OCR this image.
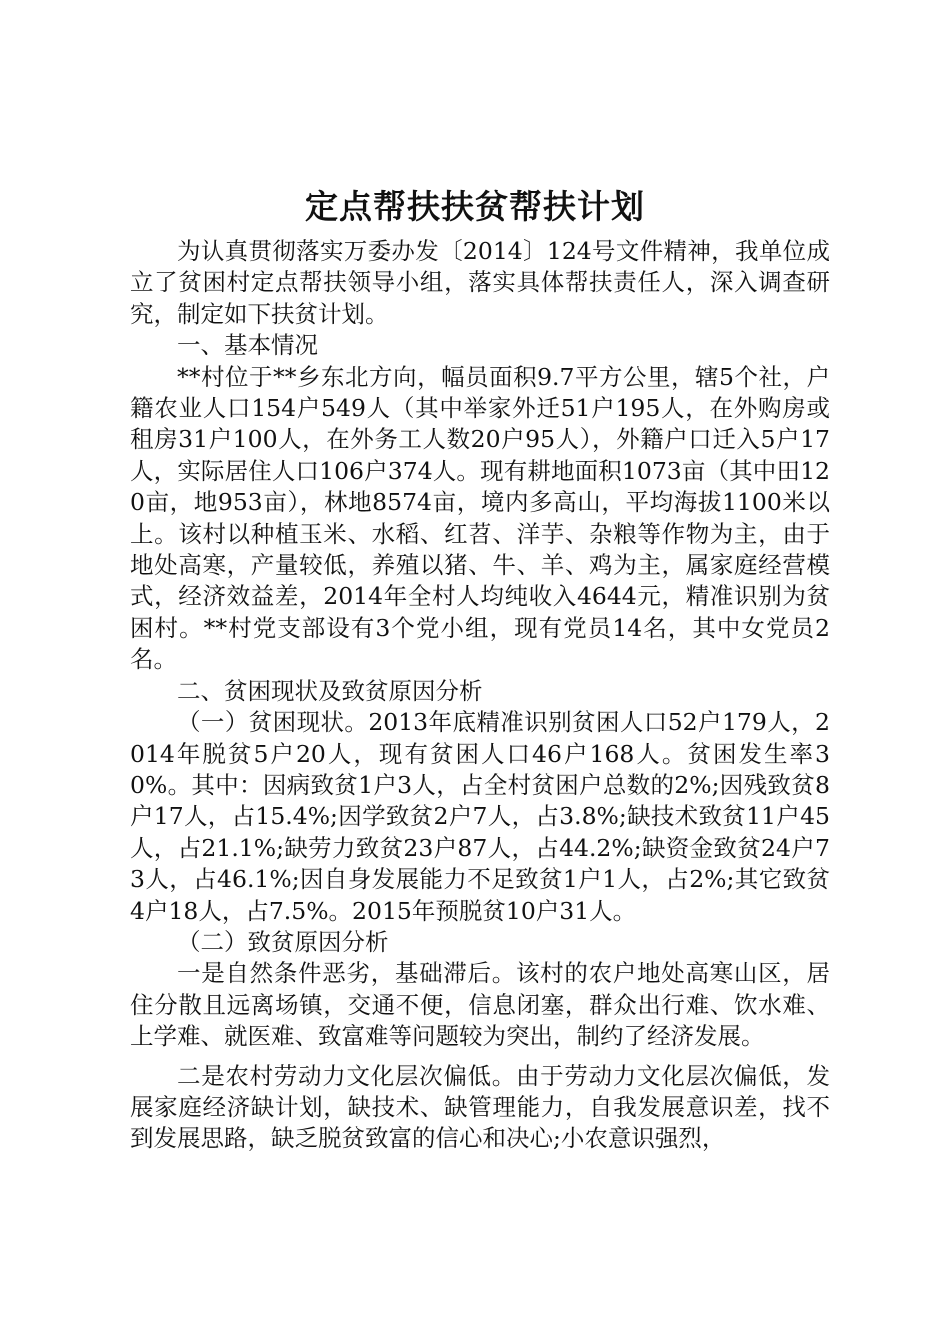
定点帮扶扶贫帮扶计划

为认真贯彻落实万委办发〔2014〕124号文件精神，我单位成立了贫困村定点帮扶领导小组，落实具体帮扶责任人，深入调查研究，制定如下扶贫计划。

一、基本情况

**村位于**乡东北方向，幅员面积9.7平方公里，辖5个社，户籍农业人口154户549人（其中举家外迁51户195人，在外购房或租房31户100人，在外务工人数20户95人），外籍户口迁入5户17人，实际居住人口106户374人。现有耕地面积1073亩（其中田120亩，地953亩），林地8574亩，境内多高山，平均海拔1100米以上。该村以种植玉米、水稻、红苕、洋芋、杂粮等作物为主，由于地处高寒，产量较低，养殖以猪、牛、羊、鸡为主，属家庭经营模式，经济效益差，2014年全村人均纯收入4644元，精准识别为贫困村。**村党支部设有3个党小组，现有党员14名，其中女党员2名。

二、贫困现状及致贫原因分析

（一）贫困现状。2013年底精准识别贫困人口52户179人，2014年脱贫5户20人，现有贫困人口46户168人。贫困发生率30%。其中：因病致贫1户3人，占全村贫困户总数的2%;因残致贫8户17人，占15.4%;因学致贫2户7人，占3.8%;缺技术致贫11户45人，占21.1%;缺劳力致贫23户87人，占44.2%;缺资金致贫24户73人，占46.1%;因自身发展能力不足致贫1户1人，占2%;其它致贫4户18人，占7.5%。2015年预脱贫10户31人。

（二）致贫原因分析

一是自然条件恶劣，基础滞后。该村的农户地处高寒山区，居住分散且远离场镇，交通不便，信息闭塞，群众出行难、饮水难、上学难、就医难、致富难等问题较为突出，制约了经济发展。

二是农村劳动力文化层次偏低。由于劳动力文化层次偏低，发展家庭经济缺计划，缺技术、缺管理能力，自我发展意识差，找不到发展思路，缺乏脱贫致富的信心和决心;小农意识强烈，
